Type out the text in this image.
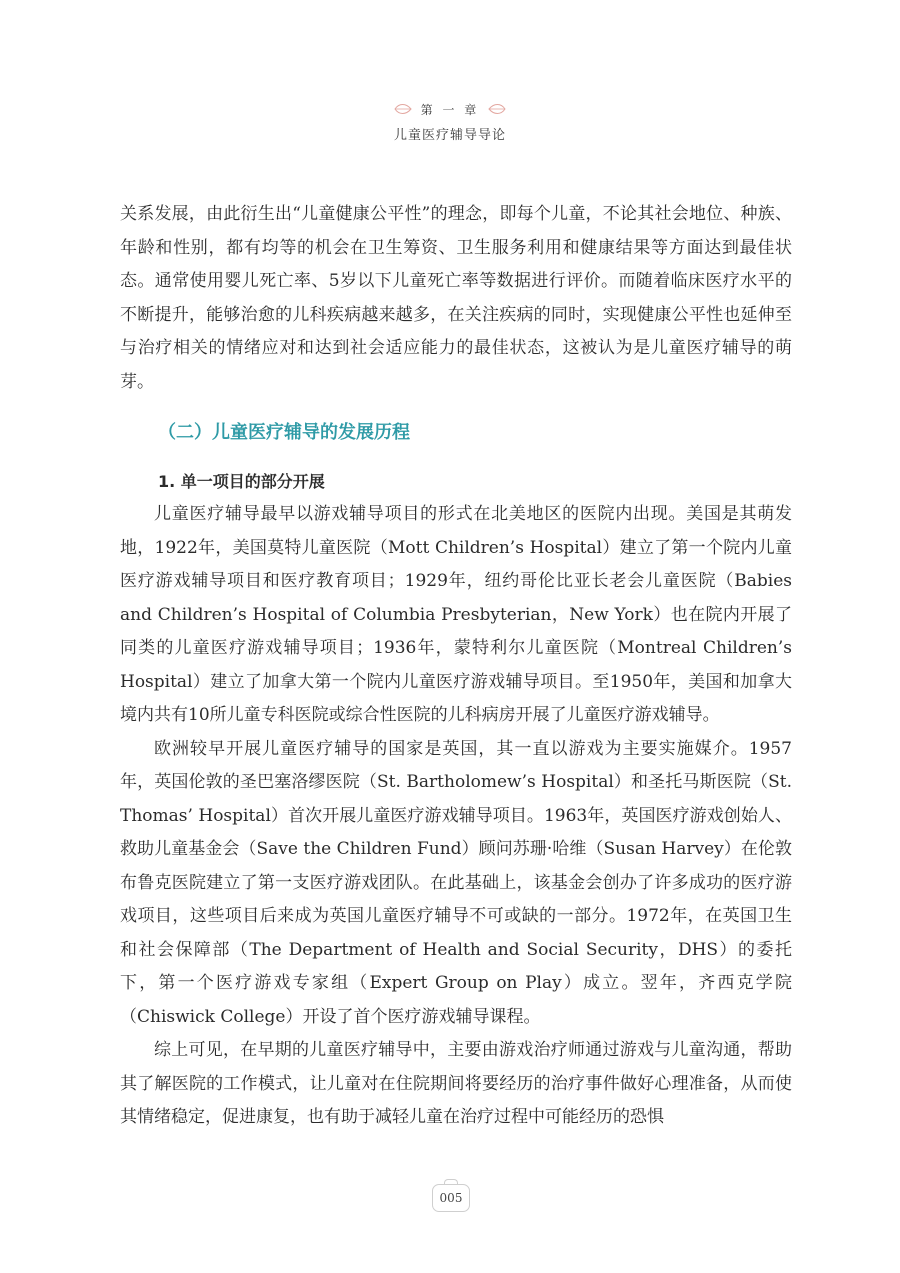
第 一 章
儿童医疗辅导导论

关系发展，由此衍生出“儿童健康公平性”的理念，即每个儿童，不论其社会地位、种族、年龄和性别，都有均等的机会在卫生筹资、卫生服务利用和健康结果等方面达到最佳状态。通常使用婴儿死亡率、5岁以下儿童死亡率等数据进行评价。而随着临床医疗水平的不断提升，能够治愈的儿科疾病越来越多，在关注疾病的同时，实现健康公平性也延伸至与治疗相关的情绪应对和达到社会适应能力的最佳状态，这被认为是儿童医疗辅导的萌芽。

（二）儿童医疗辅导的发展历程
1. 单一项目的部分开展

儿童医疗辅导最早以游戏辅导项目的形式在北美地区的医院内出现。美国是其萌发地，1922年，美国莫特儿童医院（Mott Children’s Hospital）建立了第一个院内儿童医疗游戏辅导项目和医疗教育项目；1929年，纽约哥伦比亚长老会儿童医院（Babies and Children’s Hospital of Columbia Presbyterian，New York）也在院内开展了同类的儿童医疗游戏辅导项目；1936年，蒙特利尔儿童医院（Montreal Children’s Hospital）建立了加拿大第一个院内儿童医疗游戏辅导项目。至1950年，美国和加拿大境内共有10所儿童专科医院或综合性医院的儿科病房开展了儿童医疗游戏辅导。

欧洲较早开展儿童医疗辅导的国家是英国，其一直以游戏为主要实施媒介。1957年，英国伦敦的圣巴塞洛缪医院（St. Bartholomew’s Hospital）和圣托马斯医院（St. Thomas’ Hospital）首次开展儿童医疗游戏辅导项目。1963年，英国医疗游戏创始人、救助儿童基金会（Save the Children Fund）顾问苏珊·哈维（Susan Harvey）在伦敦布鲁克医院建立了第一支医疗游戏团队。在此基础上，该基金会创办了许多成功的医疗游戏项目，这些项目后来成为英国儿童医疗辅导不可或缺的一部分。1972年，在英国卫生和社会保障部（The Department of Health and Social Security，DHS）的委托下，第一个医疗游戏专家组（Expert Group on Play）成立。翌年，齐西克学院（Chiswick College）开设了首个医疗游戏辅导课程。

综上可见，在早期的儿童医疗辅导中，主要由游戏治疗师通过游戏与儿童沟通，帮助其了解医院的工作模式，让儿童对在住院期间将要经历的治疗事件做好心理准备，从而使其情绪稳定，促进康复，也有助于减轻儿童在治疗过程中可能经历的恐惧

005
